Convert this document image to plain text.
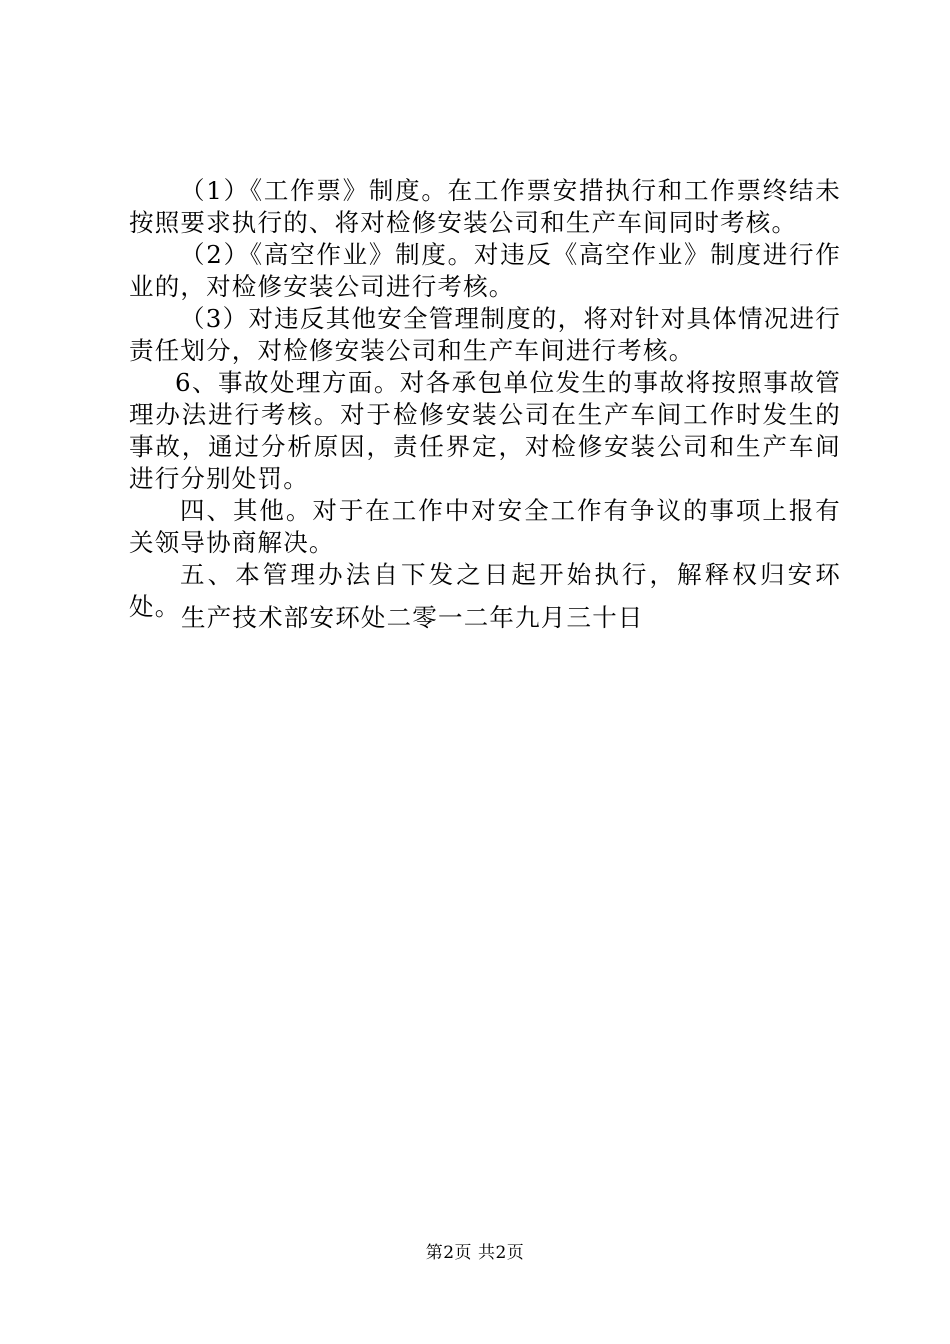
（1）《工作票》制度。在工作票安措执行和工作票终结未按照要求执行的、将对检修安装公司和生产车间同时考核。

（2）《高空作业》制度。对违反《高空作业》制度进行作业的，对检修安装公司进行考核。

（3）对违反其他安全管理制度的，将对针对具体情况进行责任划分，对检修安装公司和生产车间进行考核。

6、事故处理方面。对各承包单位发生的事故将按照事故管理办法进行考核。对于检修安装公司在生产车间工作时发生的事故，通过分析原因，责任界定，对检修安装公司和生产车间进行分别处罚。

四、其他。对于在工作中对安全工作有争议的事项上报有关领导协商解决。

五、本管理办法自下发之日起开始执行，解释权归安环处。 生产技术部安环处二零一二年九月三十日
第2页 共2页
